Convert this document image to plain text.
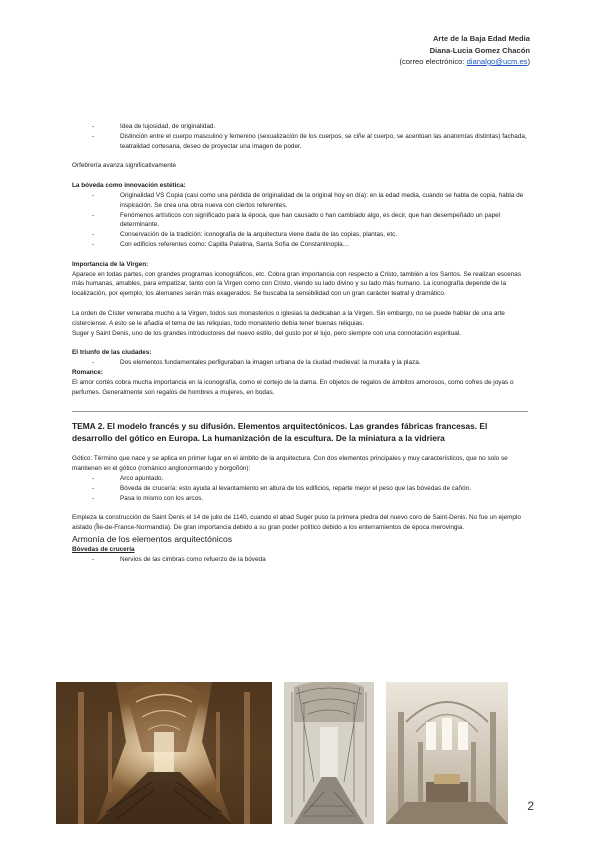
Arte de la Baja Edad Media
Diana-Lucia Gomez Chacón
(correo electrónico: dianalgo@ucm.es)
- Idea de lujosidad, de originalidad.
- Distinción entre el cuerpo masculino y femenino (sexualización de los cuerpos, se ciñe al cuerpo, se acentúan las anatomías distintas) fachada, teatralidad cortesana, deseo de proyectar una imagen de poder.

Orfebrería avanza significativamente

La bóveda como innovación estética:

- Originalidad VS Copia (casi como una pérdida de originalidad de la original hoy en día): en la edad media, cuando se habla de copia, habla de inspiración. Se crea una obra nueva con ciertos referentes.
- Fenómenos artísticos con significado para la época, que han causado o han cambiado algo, es decir, que han desempeñado un papel determinante.
- Conservación de la tradición: iconografía de la arquitectura viene dada de las copias, plantas, etc.
- Con edificios referentes como: Capilla Palatina, Santa Sofía de Constantinopla…

Importancia de la Virgen:

Aparece en todas partes, con grandes programas iconográficos, etc. Cobra gran importancia con respecto a Cristo, también a los Santos. Se realizan escenas más humanas, amables, para empatizar, tanto con la Virgen como con Cristo, viendo su lado divino y su lado más humano. La iconografía depende de la localización, por ejemplo, los alemanes serán más exagerados. Se buscaba la sensibilidad con un gran carácter teatral y dramático.

La orden de Císter veneraba mucho a la Virgen, todos sus monasterios o iglesias la dedicaban a la Virgen. Sin embargo, no se puede hablar de una arte cisterciense. A esto se le añadía el tema de las reliquias, todo monasterio debía tener buenas reliquias.

Suger y Saint Denis, uno de los grandes introductores del nuevo estilo, del gusto por el lujo, pero siempre con una connotación espiritual.

El triunfo de las ciudades:

- Dos elementos fundamentales perfiguraban la imagen urbana de la ciudad medieval: la muralla y la plaza.

Romance:

El amor cortés cobra mucha importancia en la iconografía, como el cortejo de la dama. En objetos de regalos de ámbitos amorosos, como cofres de joyas o perfumes. Generalmente son regalos de hombres a mujeres, en bodas.

TEMA 2. El modelo francés y su difusión. Elementos arquitectónicos. Las grandes fábricas francesas. El desarrollo del gótico en Europa. La humanización de la escultura. De la miniatura a la vidriera

Gótico: Término que nace y se aplica en primer lugar en el ámbito de la arquitectura. Con dos elementos principales y muy característicos, que no solo se mantienen en el gótico (románico anglonormando y borgoñón):

- Arco apuntado.
- Bóveda de crucería: esto ayuda al levantamiento en altura de los edificios, reparte mejor el peso que las bóvedas de cañón.
- Pasa lo mismo con los arcos.

Empieza la construcción de Saint Denis el 14 de julio de 1140, cuando el abad Suger puso la primera piedra del nuevo coro de Saint-Denis. No fue un ejemplo aislado (Île-de-France-Normandía). De gran importancia debido a su gran poder político debido a los enterramientos de época merovingia.

Armonía de los elementos arquitectónicos

Bóvedas de crucería

- Nervios de las cimbras como refuerzo de la bóveda
2
